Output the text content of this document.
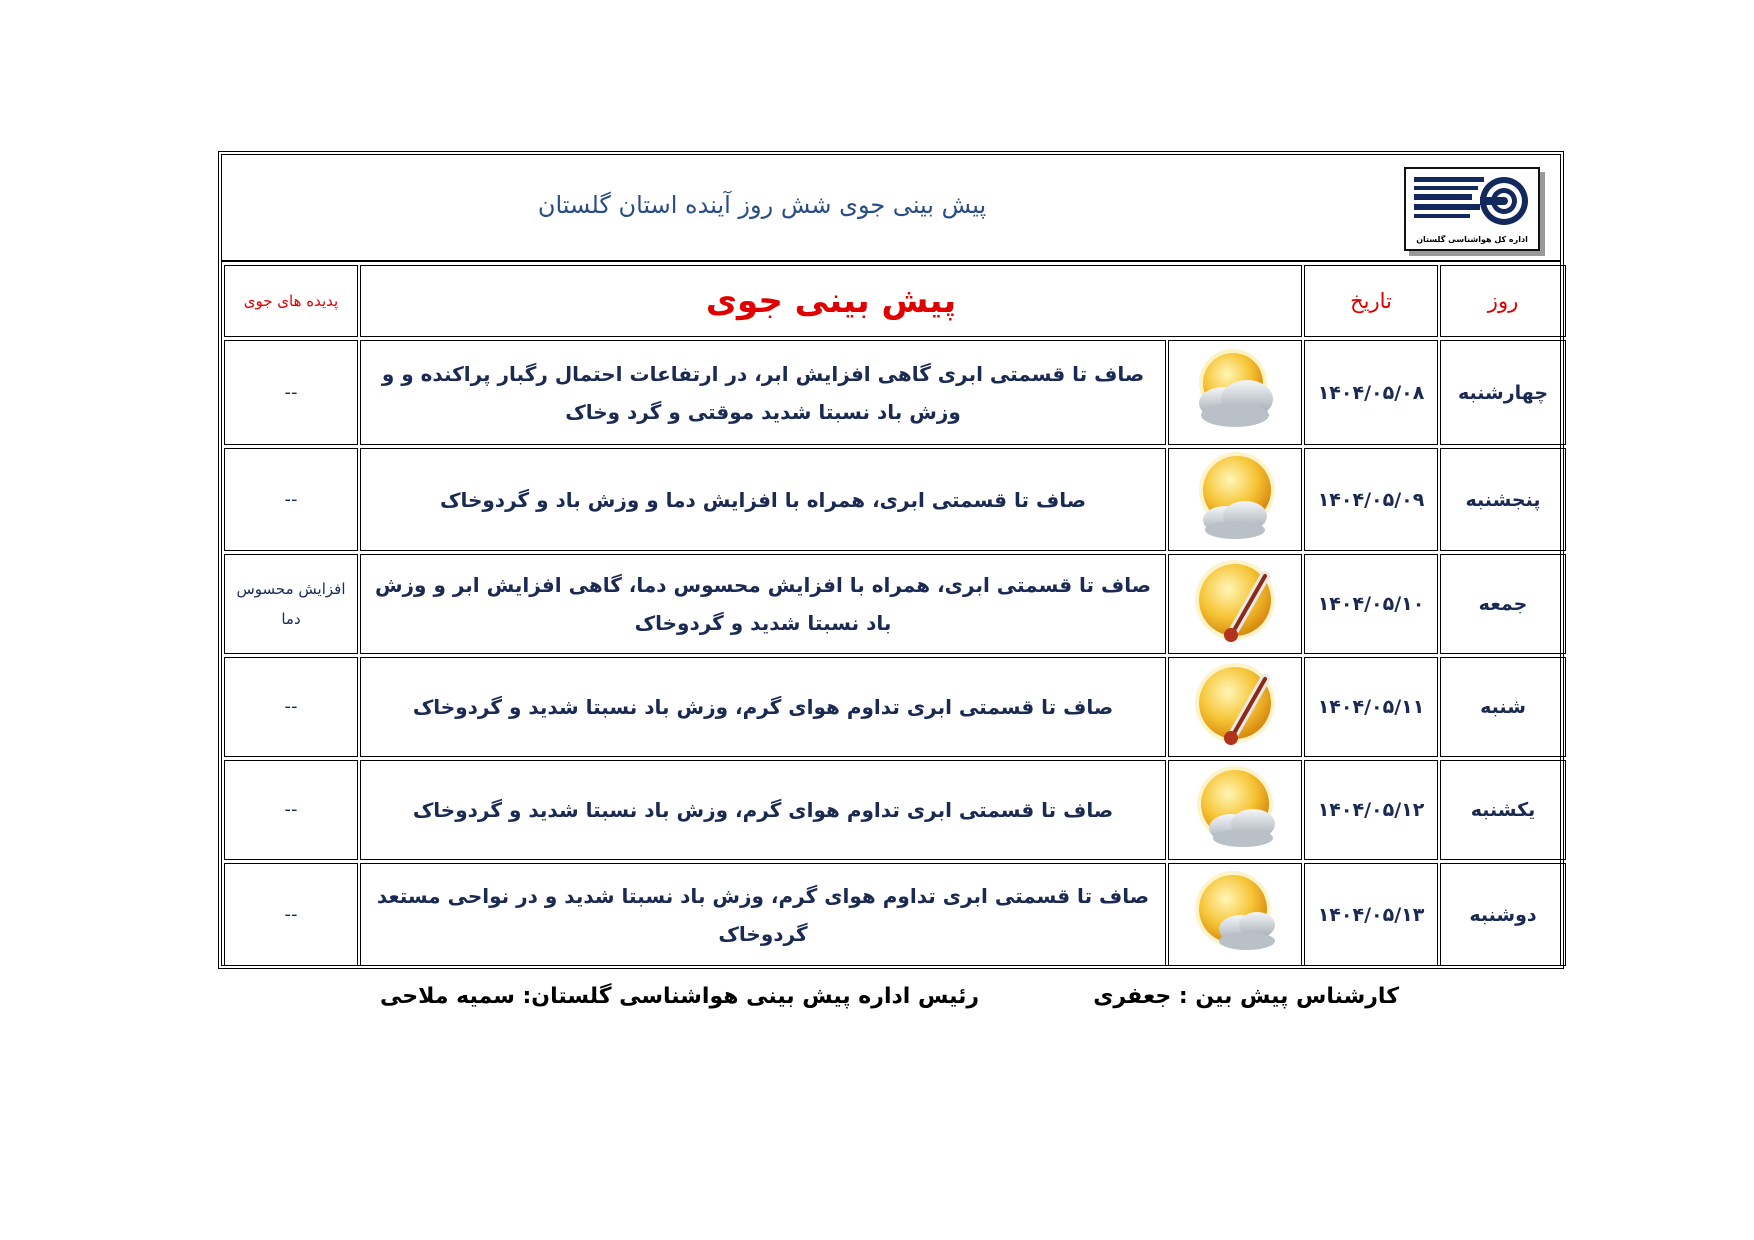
پیش بینی جوی شش روز آینده استان گلستان
اداره کل هواشناسی گلستان
روز	تاریخ	پیش بینی جوی		پدیده های جوی
چهارشنبه	۱۴۰۴/۰۵/۰۸		صاف تا قسمتی ابری گاهی افزایش ابر، در ارتفاعات احتمال رگبار پراکنده و و وزش باد نسبتا شدید موقتی و گرد وخاک	--
پنجشنبه	۱۴۰۴/۰۵/۰۹		صاف تا قسمتی ابری، همراه با افزایش دما و وزش باد و گردوخاک	--
جمعه	۱۴۰۴/۰۵/۱۰		صاف تا قسمتی ابری، همراه با افزایش محسوس دما، گاهی افزایش ابر و وزش باد نسبتا شدید و گردوخاک	افزایش محسوس دما
شنبه	۱۴۰۴/۰۵/۱۱		صاف تا قسمتی ابری تداوم هوای گرم، وزش باد نسبتا شدید و گردوخاک	--
یکشنبه	۱۴۰۴/۰۵/۱۲		صاف تا قسمتی ابری تداوم هوای گرم، وزش باد نسبتا شدید و گردوخاک	--
دوشنبه	۱۴۰۴/۰۵/۱۳		صاف تا قسمتی ابری تداوم هوای گرم، وزش باد نسبتا شدید و در نواحی مستعد گردوخاک	--
کارشناس پیش بین : جعفری
رئیس اداره پیش بینی هواشناسی گلستان: سمیه ملاحی
